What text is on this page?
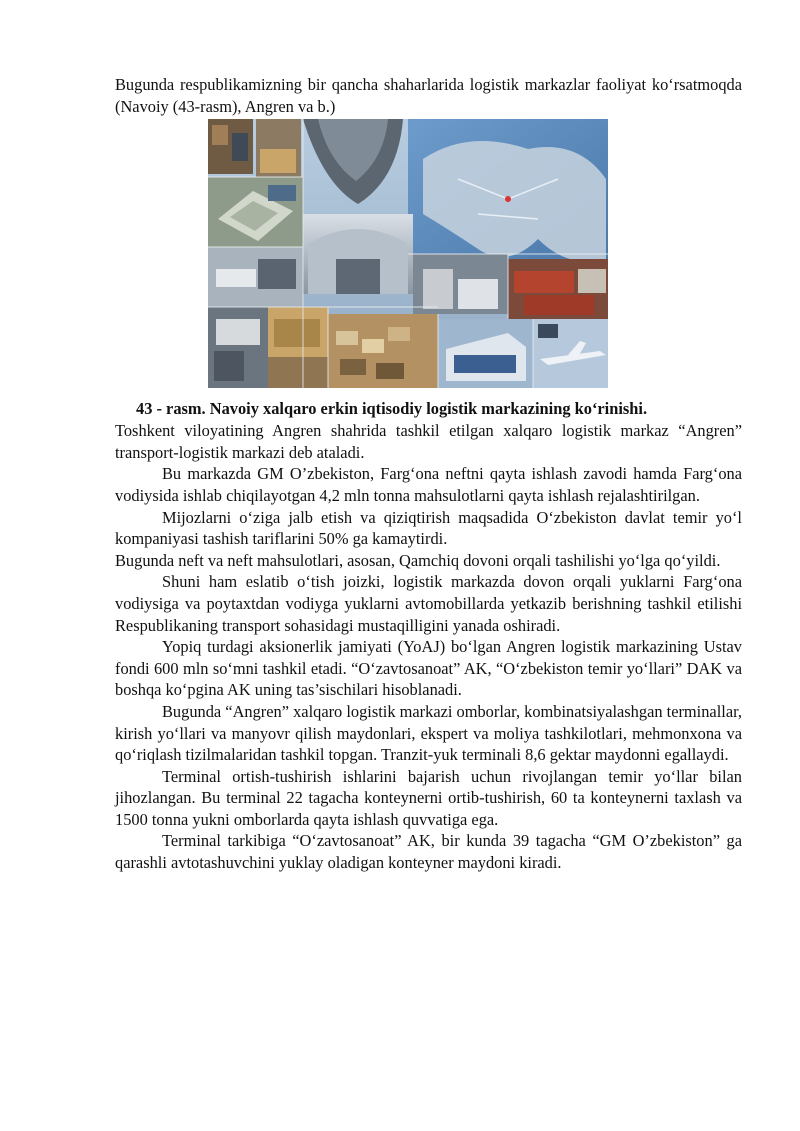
Bugunda respublikamizning bir qancha shaharlarida logistik markazlar faoliyat ko‘rsatmoqda (Navoiy (43-rasm), Angren va b.)

43 - rasm. Navoiy xalqaro erkin iqtisodiy logistik markazining ko‘rinishi.

Toshkent viloyatining Angren shahrida tashkil etilgan xalqaro logistik markaz “Angren” transport-logistik markazi deb ataladi.

Bu markazda GM O’zbekiston, Farg‘ona neftni qayta ishlash zavodi hamda Farg‘ona vodiysida ishlab chiqilayotgan 4,2 mln tonna mahsulotlarni qayta ishlash rejalashtirilgan.

Mijozlarni o‘ziga jalb etish va qiziqtirish maqsadida O‘zbekiston davlat temir yo‘l kompaniyasi tashish tariflarini 50% ga kamaytirdi.

Bugunda neft va neft mahsulotlari, asosan, Qamchiq dovoni orqali tashilishi yo‘lga qo‘yildi.

Shuni ham eslatib o‘tish joizki, logistik markazda dovon orqali yuklarni Farg‘ona vodiysiga va poytaxtdan vodiyga yuklarni avtomobillarda yetkazib berishning tashkil etilishi Respublikaning transport sohasidagi mustaqilligini yanada oshiradi.

Yopiq turdagi aksionerlik jamiyati (YoAJ) bo‘lgan Angren logistik markazining Ustav fondi 600 mln so‘mni tashkil etadi. “O‘zavtosanoat” AK, “O‘zbekiston temir yo‘llari” DAK va boshqa ko‘pgina AK uning tas’sischilari hisoblanadi.

Bugunda “Angren” xalqaro logistik markazi omborlar, kombinatsiyalashgan terminallar, kirish yo‘llari va manyovr qilish maydonlari, ekspert va moliya tashkilotlari, mehmonxona va qo‘riqlash tizilmalaridan tashkil topgan. Tranzit-yuk terminali 8,6 gektar maydonni egallaydi.

Terminal ortish-tushirish ishlarini bajarish uchun rivojlangan temir yo‘llar bilan jihozlangan. Bu terminal 22 tagacha konteynerni ortib-tushirish, 60 ta konteynerni taxlash va 1500 tonna yukni omborlarda qayta ishlash quvvatiga ega.

Terminal tarkibiga “O‘zavtosanoat” AK, bir kunda 39 tagacha “GM O’zbekiston” ga qarashli avtotashuvchini yuklay oladigan konteyner maydoni kiradi.
